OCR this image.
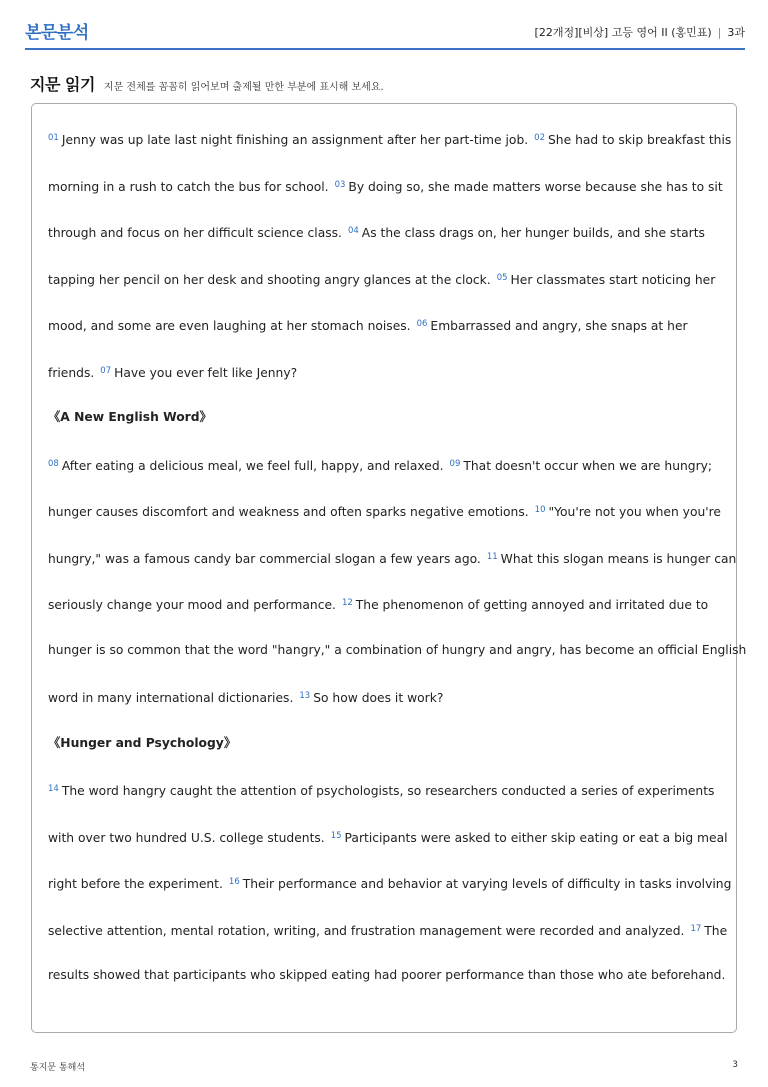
본문분석	[22개정][비상] 고등 영어 II (홍민표) | 3과
지문 읽기 지문 전체를 꼼꼼히 읽어보며 출제될 만한 부분에 표시해 보세요.
$^{01}$ Jenny was up late last night finishing an assignment after her part-time job. $^{02}$ She had to skip breakfast this
morning in a rush to catch the bus for school. $^{03}$ By doing so, she made matters worse because she has to sit
through and focus on her difficult science class. $^{04}$ As the class drags on, her hunger builds, and she starts
tapping her pencil on her desk and shooting angry glances at the clock. $^{05}$ Her classmates start noticing her
mood, and some are even laughing at her stomach noises. $^{06}$ Embarrassed and angry, she snaps at her
friends. $^{07}$ Have you ever felt like Jenny?
《A New English Word》
$^{08}$ After eating a delicious meal, we feel full, happy, and relaxed. $^{09}$ That doesn't occur when we are hungry;
hunger causes discomfort and weakness and often sparks negative emotions. $^{10}$ "You're not you when you're
hungry," was a famous candy bar commercial slogan a few years ago. $^{11}$ What this slogan means is hunger can
seriously change your mood and performance. $^{12}$ The phenomenon of getting annoyed and irritated due to
hunger is so common that the word "hangry," a combination of hungry and angry, has become an official English
word in many international dictionaries. $^{13}$ So how does it work?
《Hunger and Psychology》
$^{14}$ The word hangry caught the attention of psychologists, so researchers conducted a series of experiments
with over two hundred U.S. college students. $^{15}$ Participants were asked to either skip eating or eat a big meal
right before the experiment. $^{16}$ Their performance and behavior at varying levels of difficulty in tasks involving
selective attention, mental rotation, writing, and frustration management were recorded and analyzed. $^{17}$ The
results showed that participants who skipped eating had poorer performance than those who ate beforehand.
통지문 통해석	3
